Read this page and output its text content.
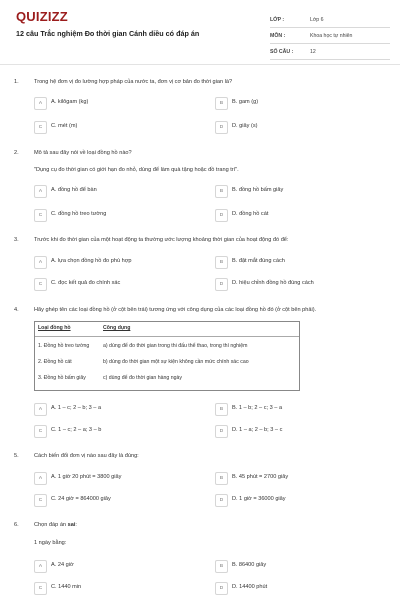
QUIZIZZ
12 câu Trắc nghiệm Đo thời gian Cánh diều có đáp án
LỚP :	Lớp 6
MÔN :	Khoa học tự nhiên
SỐ CÂU :	12
1.	Trong hệ đơn vị đo lường hợp pháp của nước ta, đơn vị cơ bản đo thời gian là?
A	A. kilôgam (kg)	B	B. gam (g)
C	C. mét (m)	D	D. giây (s)
2.	Mô tả sau đây nói về loại đồng hồ nào?
"Dụng cụ đo thời gian có giới hạn đo nhỏ, dùng để làm quà tặng hoặc đồ trang trí".
A	A. đồng hồ để bàn	B	B. đồng hồ bấm giây
C	C. đồng hồ treo tường	D	D. đồng hồ cát
3.	Trước khi đo thời gian của một hoạt động ta thường ước lượng khoảng thời gian của hoạt động đó để:
A	A. lựa chọn đồng hồ đo phù hợp	B	B. đặt mắt đúng cách
C	C. đọc kết quả đo chính xác	D	D. hiệu chỉnh đồng hồ đúng cách
4.	Hãy ghép tên các loại đồng hồ (ở cột bên trái) tương ứng với công dụng của các loại đồng hồ đó (ở cột bên phải).
Loại đồng hồ	Công dụng
1. Đồng hồ treo tường	a) dùng để đo thời gian trong thi đấu thể thao, trong thí nghiệm
2. Đồng hồ cát	b) dùng đo thời gian một sự kiện không cần mức chính xác cao
3. Đồng hồ bấm giây	c) dùng để đo thời gian hàng ngày
A	A. 1 – c; 2 – b; 3 – a	B	B. 1 – b; 2 – c; 3 – a
C	C. 1 – c; 2 – a; 3 – b	D	D. 1 – a; 2 – b; 3 – c
5.	Cách biến đổi đơn vị nào sau đây là đúng:
A	A. 1 giờ 20 phút = 3800 giây	B	B. 45 phút = 2700 giây
C	C. 24 giờ = 864000 giây	D	D. 1 giờ = 36000 giây
6.	Chọn đáp án sai:
1 ngày bằng:
A	A. 24 giờ	B	B. 86400 giây
C	C. 1440 min	D	D. 14400 phút
